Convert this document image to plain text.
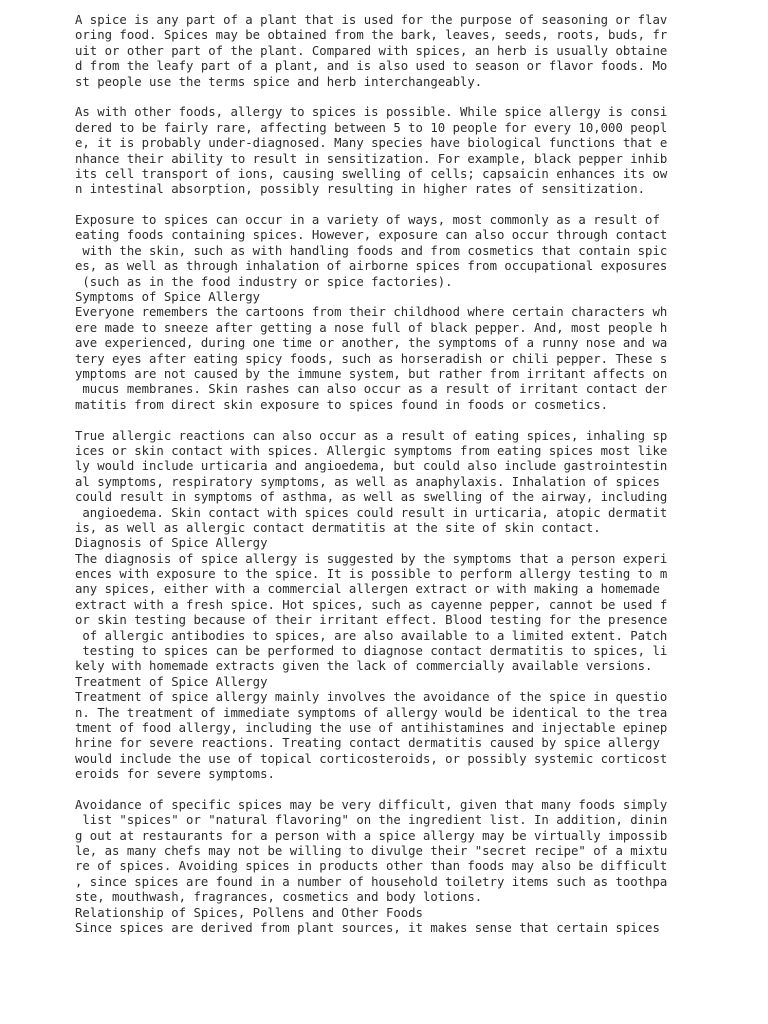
A spice is any part of a plant that is used for the purpose of seasoning or flav
oring food. Spices may be obtained from the bark, leaves, seeds, roots, buds, fr
uit or other part of the plant. Compared with spices, an herb is usually obtaine
d from the leafy part of a plant, and is also used to season or flavor foods. Mo
st people use the terms spice and herb interchangeably.
As with other foods, allergy to spices is possible. While spice allergy is consi
dered to be fairly rare, affecting between 5 to 10 people for every 10,000 peopl
e, it is probably under-diagnosed. Many species have biological functions that e
nhance their ability to result in sensitization. For example, black pepper inhib
its cell transport of ions, causing swelling of cells; capsaicin enhances its ow
n intestinal absorption, possibly resulting in higher rates of sensitization.
Exposure to spices can occur in a variety of ways, most commonly as a result of
eating foods containing spices. However, exposure can also occur through contact
with the skin, such as with handling foods and from cosmetics that contain spic
es, as well as through inhalation of airborne spices from occupational exposures
(such as in the food industry or spice factories).
Symptoms of Spice Allergy
Everyone remembers the cartoons from their childhood where certain characters wh
ere made to sneeze after getting a nose full of black pepper. And, most people h
ave experienced, during one time or another, the symptoms of a runny nose and wa
tery eyes after eating spicy foods, such as horseradish or chili pepper. These s
ymptoms are not caused by the immune system, but rather from irritant affects on
mucus membranes. Skin rashes can also occur as a result of irritant contact der
matitis from direct skin exposure to spices found in foods or cosmetics.
True allergic reactions can also occur as a result of eating spices, inhaling sp
ices or skin contact with spices. Allergic symptoms from eating spices most like
ly would include urticaria and angioedema, but could also include gastrointestin
al symptoms, respiratory symptoms, as well as anaphylaxis. Inhalation of spices
could result in symptoms of asthma, as well as swelling of the airway, including
angioedema. Skin contact with spices could result in urticaria, atopic dermatit
is, as well as allergic contact dermatitis at the site of skin contact.
Diagnosis of Spice Allergy
The diagnosis of spice allergy is suggested by the symptoms that a person experi
ences with exposure to the spice. It is possible to perform allergy testing to m
any spices, either with a commercial allergen extract or with making a homemade
extract with a fresh spice. Hot spices, such as cayenne pepper, cannot be used f
or skin testing because of their irritant effect. Blood testing for the presence
of allergic antibodies to spices, are also available to a limited extent. Patch
testing to spices can be performed to diagnose contact dermatitis to spices, li
kely with homemade extracts given the lack of commercially available versions.
Treatment of Spice Allergy
Treatment of spice allergy mainly involves the avoidance of the spice in questio
n. The treatment of immediate symptoms of allergy would be identical to the trea
tment of food allergy, including the use of antihistamines and injectable epinep
hrine for severe reactions. Treating contact dermatitis caused by spice allergy
would include the use of topical corticosteroids, or possibly systemic corticost
eroids for severe symptoms.
Avoidance of specific spices may be very difficult, given that many foods simply
list "spices" or "natural flavoring" on the ingredient list. In addition, dinin
g out at restaurants for a person with a spice allergy may be virtually impossib
le, as many chefs may not be willing to divulge their "secret recipe" of a mixtu
re of spices. Avoiding spices in products other than foods may also be difficult
, since spices are found in a number of household toiletry items such as toothpa
ste, mouthwash, fragrances, cosmetics and body lotions.
Relationship of Spices, Pollens and Other Foods
Since spices are derived from plant sources, it makes sense that certain spices
